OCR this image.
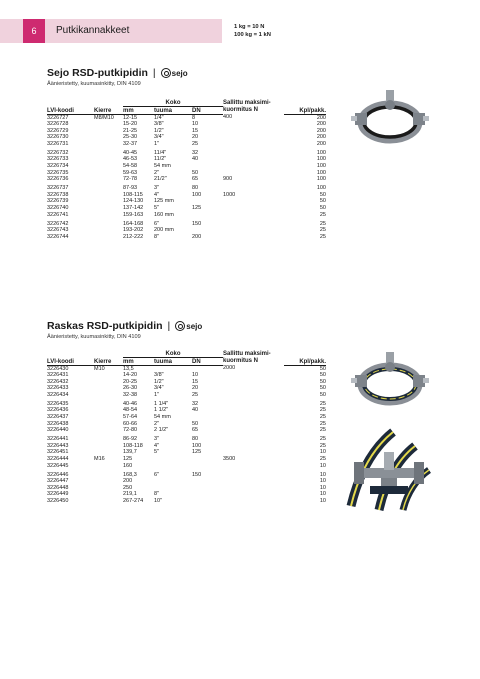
6	Putkikannakkeet	1 kg = 10 N
100 kg = 1 kN
Sejo RSD-putkipidin | sejo
Äänieristetty, kuumasinkitty, DIN 4109
		Koko			Sallittu maksimi-
kuormitus N	
LVI-koodi	Kierre	mm	tuuma	DN		Kpl/pakk.
3226727	M8/M10	12-15	1/4"	8	400	200
3226728		15-20	3/8"	10		200
3226729		21-25	1/2"	15		200
3226730		25-30	3/4"	20		200
3226731		32-37	1"	25		200
3226732		40-45	11/4"	32		100
3226733		46-53	11/2"	40		100
3226734		54-58	54 mm			100
3226735		59-63	2"	50		100
3226736		72-78	21/2"	65	900	100
3226737		87-93	3"	80		100
3226738		108-115	4"	100	1000	50
3226739		124-130	125 mm			50
3226740		137-142	5"	125		50
3226741		159-163	160 mm			25
3226742		164-168	6"	150		25
3226743		193-202	200 mm			25
3226744		212-222	8"	200		25
Raskas RSD-putkipidin | sejo
Äänieristetty, kuumasinkitty, DIN 4109
		Koko			Sallittu maksimi-
kuormitus N	
LVI-koodi	Kierre	mm	tuuma	DN		Kpl/pakk.
3226430	M10	13,5			2000	50
3226431		14-20	3/8"	10		50
3226432		20-25	1/2"	15		50
3226433		26-30	3/4"	20		50
3226434		32-38	1"	25		50
3226435		40-46	1 1/4"	32		25
3226436		48-54	1 1/2"	40		25
3226437		57-64	54 mm			25
3226438		60-66	2"	50		25
3226440		72-80	2 1/2"	65		25
3226441		86-92	3"	80		25
3226443		108-118	4"	100		25
3226451		139,7	5"	125		10
3226444	M16	125			3500	25
3226445		160				10
3226446		168,3	6"	150		10
3226447		200				10
3226448		250				10
3226449		219,1	8"			10
3226450		267-274	10"			10
